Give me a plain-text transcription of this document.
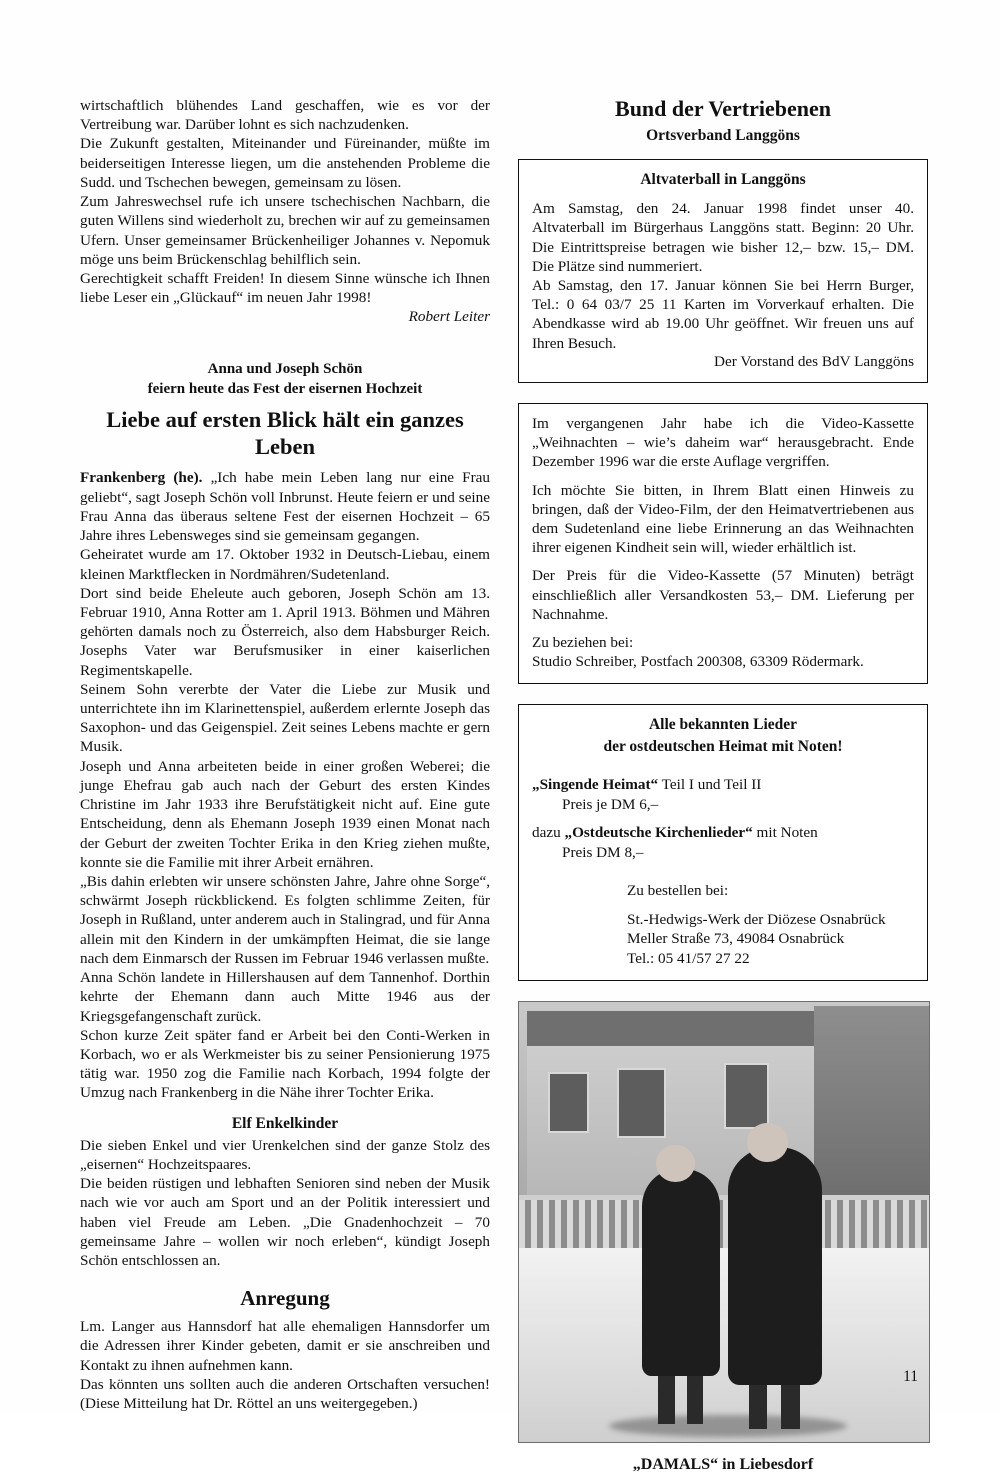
wirtschaftlich blühendes Land geschaffen, wie es vor der Vertreibung war. Darüber lohnt es sich nachzudenken.

Die Zukunft gestalten, Miteinander und Füreinander, müßte im beiderseitigen Interesse liegen, um die anstehenden Probleme die Sudd. und Tschechen bewegen, gemeinsam zu lösen.

Zum Jahreswechsel rufe ich unsere tschechischen Nachbarn, die guten Willens sind wiederholt zu, brechen wir auf zu gemeinsamen Ufern. Unser gemeinsamer Brückenheiliger Johannes v. Nepomuk möge uns beim Brückenschlag behilflich sein.

Gerechtigkeit schafft Freiden! In diesem Sinne wünsche ich Ihnen liebe Leser ein „Glückauf“ im neuen Jahr 1998!

Robert Leiter
Anna und Joseph Schön
feiern heute das Fest der eisernen Hochzeit
Liebe auf ersten Blick hält ein ganzes Leben

Frankenberg (he). „Ich habe mein Leben lang nur eine Frau geliebt“, sagt Joseph Schön voll Inbrunst. Heute feiern er und seine Frau Anna das überaus seltene Fest der eisernen Hochzeit – 65 Jahre ihres Lebensweges sind sie gemeinsam gegangen.

Geheiratet wurde am 17. Oktober 1932 in Deutsch-Liebau, einem kleinen Marktflecken in Nordmähren/Sudetenland.

Dort sind beide Eheleute auch geboren, Joseph Schön am 13. Februar 1910, Anna Rotter am 1. April 1913. Böhmen und Mähren gehörten damals noch zu Österreich, also dem Habsburger Reich. Josephs Vater war Berufsmusiker in einer kaiserlichen Regimentskapelle.

Seinem Sohn vererbte der Vater die Liebe zur Musik und unterrichtete ihn im Klarinettenspiel, außerdem erlernte Joseph das Saxophon- und das Geigenspiel. Zeit seines Lebens machte er gern Musik.

Joseph und Anna arbeiteten beide in einer großen Weberei; die junge Ehefrau gab auch nach der Geburt des ersten Kindes Christine im Jahr 1933 ihre Berufstätigkeit nicht auf. Eine gute Entscheidung, denn als Ehemann Joseph 1939 einen Monat nach der Geburt der zweiten Tochter Erika in den Krieg ziehen mußte, konnte sie die Familie mit ihrer Arbeit ernähren.

„Bis dahin erlebten wir unsere schönsten Jahre, Jahre ohne Sorge“, schwärmt Joseph rückblickend. Es folgten schlimme Zeiten, für Joseph in Rußland, unter anderem auch in Stalingrad, und für Anna allein mit den Kindern in der umkämpften Heimat, die sie lange nach dem Einmarsch der Russen im Februar 1946 verlassen mußte.

Anna Schön landete in Hillershausen auf dem Tannenhof. Dorthin kehrte der Ehemann dann auch Mitte 1946 aus der Kriegsgefangenschaft zurück.

Schon kurze Zeit später fand er Arbeit bei den Conti-Werken in Korbach, wo er als Werkmeister bis zu seiner Pensionierung 1975 tätig war. 1950 zog die Familie nach Korbach, 1994 folgte der Umzug nach Frankenberg in die Nähe ihrer Tochter Erika.

Elf Enkelkinder

Die sieben Enkel und vier Urenkelchen sind der ganze Stolz des „eisernen“ Hochzeitspaares.

Die beiden rüstigen und lebhaften Senioren sind neben der Musik nach wie vor auch am Sport und an der Politik interessiert und haben viel Freude am Leben. „Die Gnadenhochzeit – 70 gemeinsame Jahre – wollen wir noch erleben“, kündigt Joseph Schön entschlossen an.

Anregung

Lm. Langer aus Hannsdorf hat alle ehemaligen Hannsdorfer um die Adressen ihrer Kinder gebeten, damit er sie anschreiben und Kontakt zu ihnen aufnehmen kann.

Das könnten uns sollten auch die anderen Ortschaften versuchen! (Diese Mitteilung hat Dr. Röttel an uns weitergegeben.)

Bund der Vertriebenen
Ortsverband Langgöns
Altvaterball in Langgöns

Am Samstag, den 24. Januar 1998 findet unser 40. Altvaterball im Bürgerhaus Langgöns statt. Beginn: 20 Uhr. Die Eintrittspreise betragen wie bisher 12,– bzw. 15,– DM. Die Plätze sind nummeriert.

Ab Samstag, den 17. Januar können Sie bei Herrn Burger, Tel.: 0 64 03/7 25 11 Karten im Vorverkauf erhalten. Die Abendkasse wird ab 19.00 Uhr geöffnet. Wir freuen uns auf Ihren Besuch.

Der Vorstand des BdV Langgöns

Im vergangenen Jahr habe ich die Video-Kassette „Weihnachten – wie’s daheim war“ herausgebracht. Ende Dezember 1996 war die erste Auflage vergriffen.

Ich möchte Sie bitten, in Ihrem Blatt einen Hinweis zu bringen, daß der Video-Film, der den Heimatvertriebenen aus dem Sudetenland eine liebe Erinnerung an das Weihnachten ihrer eigenen Kindheit sein will, wieder erhältlich ist.

Der Preis für die Video-Kassette (57 Minuten) beträgt einschließlich aller Versandkosten 53,– DM. Lieferung per Nachnahme.

Zu beziehen bei:

Studio Schreiber, Postfach 200308, 63309 Rödermark.

Alle bekannten Lieder
der ostdeutschen Heimat mit Noten!
„Singende Heimat“ Teil I und Teil II
Preis je DM 6,–
dazu „Ostdeutsche Kirchenlieder“ mit Noten
Preis DM 8,–
Zu bestellen bei:
St.-Hedwigs-Werk der Diözese Osnabrück
Meller Straße 73, 49084 Osnabrück
Tel.: 05 41/57 27 22
„DAMALS“ in Liebesdorf
11
